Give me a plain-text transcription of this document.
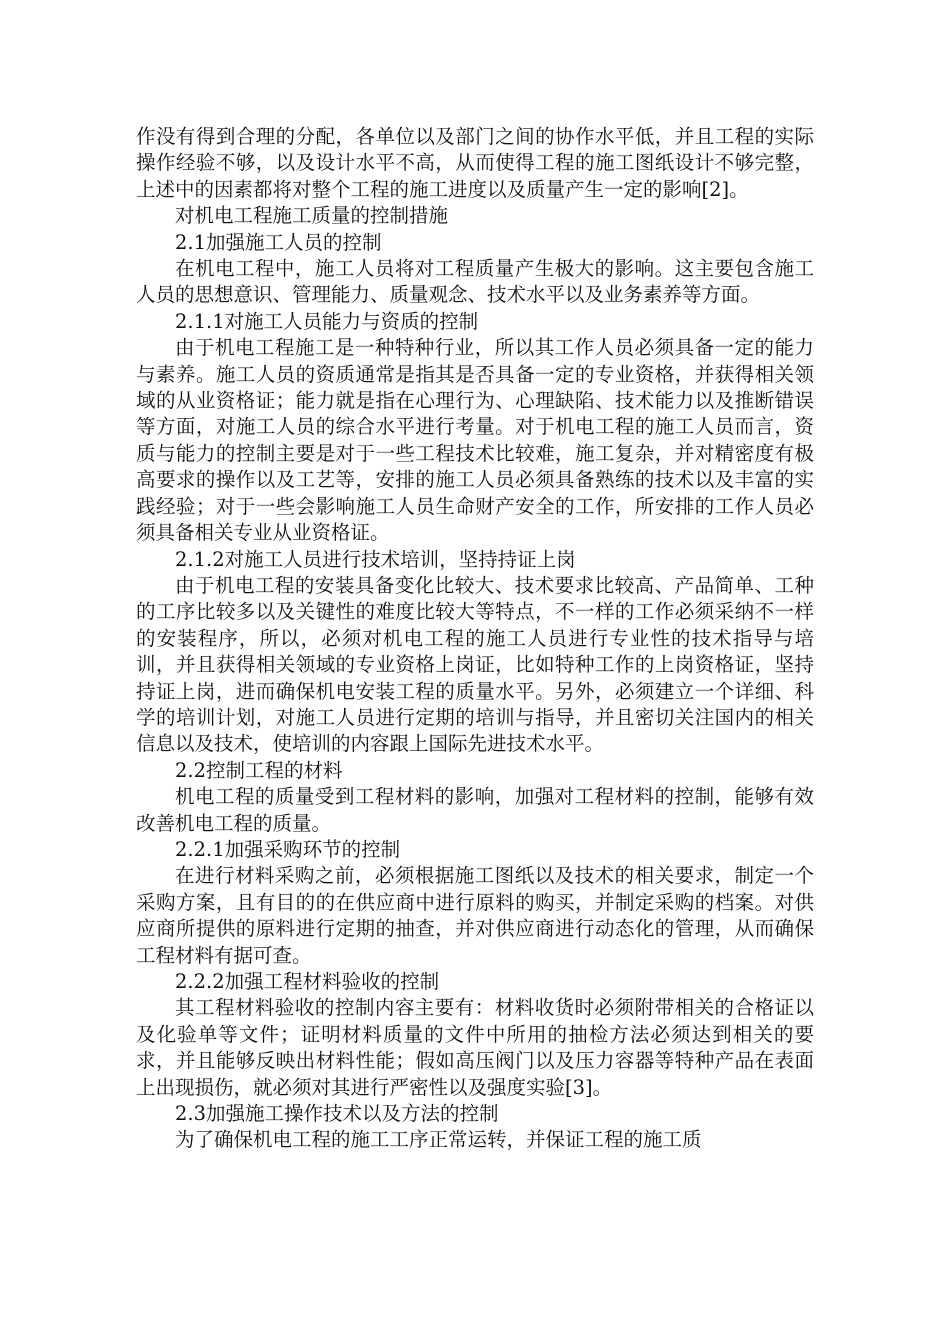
作没有得到合理的分配，各单位以及部门之间的协作水平低，并且工程的实际操作经验不够，以及设计水平不高，从而使得工程的施工图纸设计不够完整，上述中的因素都将对整个工程的施工进度以及质量产生一定的影响[2]。

对机电工程施工质量的控制措施

2.1加强施工人员的控制

在机电工程中，施工人员将对工程质量产生极大的影响。这主要包含施工人员的思想意识、管理能力、质量观念、技术水平以及业务素养等方面。

2.1.1对施工人员能力与资质的控制

由于机电工程施工是一种特种行业，所以其工作人员必须具备一定的能力与素养。施工人员的资质通常是指其是否具备一定的专业资格，并获得相关领域的从业资格证；能力就是指在心理行为、心理缺陷、技术能力以及推断错误等方面，对施工人员的综合水平进行考量。对于机电工程的施工人员而言，资质与能力的控制主要是对于一些工程技术比较难，施工复杂，并对精密度有极高要求的操作以及工艺等，安排的施工人员必须具备熟练的技术以及丰富的实践经验；对于一些会影响施工人员生命财产安全的工作，所安排的工作人员必须具备相关专业从业资格证。

2.1.2对施工人员进行技术培训，坚持持证上岗

由于机电工程的安装具备变化比较大、技术要求比较高、产品简单、工种的工序比较多以及关键性的难度比较大等特点，不一样的工作必须采纳不一样的安装程序，所以，必须对机电工程的施工人员进行专业性的技术指导与培训，并且获得相关领域的专业资格上岗证，比如特种工作的上岗资格证，坚持持证上岗，进而确保机电安装工程的质量水平。另外，必须建立一个详细、科学的培训计划，对施工人员进行定期的培训与指导，并且密切关注国内的相关信息以及技术，使培训的内容跟上国际先进技术水平。

2.2控制工程的材料

机电工程的质量受到工程材料的影响，加强对工程材料的控制，能够有效改善机电工程的质量。

2.2.1加强采购环节的控制

在进行材料采购之前，必须根据施工图纸以及技术的相关要求，制定一个采购方案，且有目的的在供应商中进行原料的购买，并制定采购的档案。对供应商所提供的原料进行定期的抽查，并对供应商进行动态化的管理，从而确保工程材料有据可查。

2.2.2加强工程材料验收的控制

其工程材料验收的控制内容主要有：材料收货时必须附带相关的合格证以及化验单等文件；证明材料质量的文件中所用的抽检方法必须达到相关的要求，并且能够反映出材料性能；假如高压阀门以及压力容器等特种产品在表面上出现损伤，就必须对其进行严密性以及强度实验[3]。

2.3加强施工操作技术以及方法的控制

为了确保机电工程的施工工序正常运转，并保证工程的施工质
